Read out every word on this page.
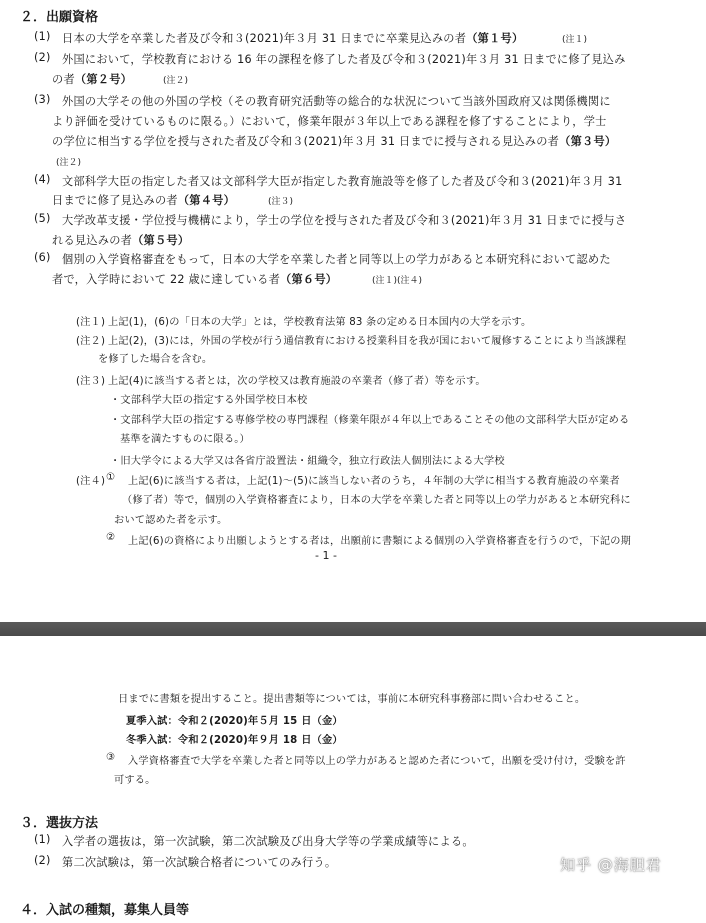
２．出願資格
(1) 日本の大学を卒業した者及び令和３(2021)年３月 31 日までに卒業見込みの者（第１号）	(注１)
(2) 外国において，学校教育における 16 年の課程を修了した者及び令和３(2021)年３月 31 日までに修了見込み
の者（第２号）	(注２)
(3) 外国の大学その他の外国の学校（その教育研究活動等の総合的な状況について当該外国政府又は関係機関に
より評価を受けているものに限る。）において，修業年限が３年以上である課程を修了することにより，学士
の学位に相当する学位を授与された者及び令和３(2021)年３月 31 日までに授与される見込みの者（第３号）
(注２)
(4) 文部科学大臣の指定した者又は文部科学大臣が指定した教育施設等を修了した者及び令和３(2021)年３月 31
日までに修了見込みの者（第４号）	(注３)
(5) 大学改革支援・学位授与機構により，学士の学位を授与された者及び令和３(2021)年３月 31 日までに授与さ
れる見込みの者（第５号）
(6) 個別の入学資格審査をもって，日本の大学を卒業した者と同等以上の学力があると本研究科において認めた
者で，入学時において 22 歳に達している者（第６号）	(注１)(注４)
(注１) 上記(1)，(6)の「日本の大学」とは，学校教育法第 83 条の定める日本国内の大学を示す。
(注２) 上記(2)，(3)には，外国の学校が行う通信教育における授業科目を我が国において履修することにより当該課程
を修了した場合を含む。
(注３) 上記(4)に該当する者とは，次の学校又は教育施設の卒業者（修了者）等を示す。
・文部科学大臣の指定する外国学校日本校
・文部科学大臣の指定する専修学校の専門課程（修業年限が４年以上であることその他の文部科学大臣が定める
基準を満たすものに限る。）
・旧大学令による大学又は各省庁設置法・組織令，独立行政法人個別法による大学校
(注４) ① 上記(6)に該当する者は，上記(1)～(5)に該当しない者のうち，４年制の大学に相当する教育施設の卒業者
（修了者）等で，個別の入学資格審査により，日本の大学を卒業した者と同等以上の学力があると本研究科に
おいて認めた者を示す。
② 上記(6)の資格により出願しようとする者は，出願前に書類による個別の入学資格審査を行うので，下記の期
- 1 -
日までに書類を提出すること。提出書類等については，事前に本研究科事務部に問い合わせること。
夏季入試：令和２(2020)年５月 15 日（金）
冬季入試：令和２(2020)年９月 18 日（金）
③ 入学資格審査で大学を卒業した者と同等以上の学力があると認めた者について，出願を受け付け，受験を許
可する。
３．選抜方法
(1) 入学者の選抜は，第一次試験，第二次試験及び出身大学等の学業成績等による。
(2) 第二次試験は，第一次試験合格者についてのみ行う。	知乎 @海胆君
４．入試の種類，募集人員等
